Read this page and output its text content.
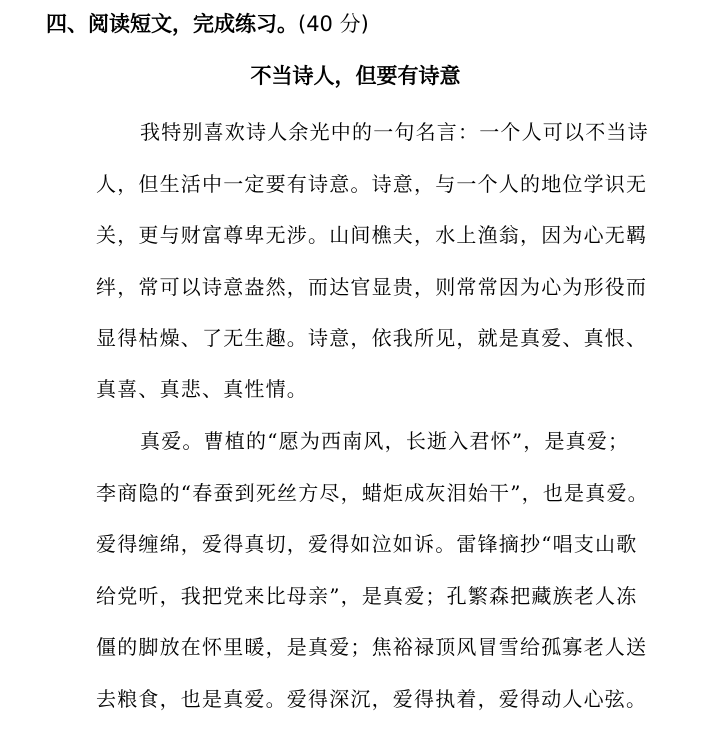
四、阅读短文，完成练习。(40 分)
不当诗人，但要有诗意
我特别喜欢诗人余光中的一句名言：一个人可以不当诗
人，但生活中一定要有诗意。诗意，与一个人的地位学识无
关，更与财富尊卑无涉。山间樵夫，水上渔翁，因为心无羁
绊，常可以诗意盎然，而达官显贵，则常常因为心为形役而
显得枯燥、了无生趣。诗意，依我所见，就是真爱、真恨、
真喜、真悲、真性情。
真爱。曹植的“愿为西南风，长逝入君怀”，是真爱；
李商隐的“春蚕到死丝方尽，蜡炬成灰泪始干”，也是真爱。
爱得缠绵，爱得真切，爱得如泣如诉。雷锋摘抄“唱支山歌
给党听，我把党来比母亲”，是真爱；孔繁森把藏族老人冻
僵的脚放在怀里暖，是真爱；焦裕禄顶风冒雪给孤寡老人送
去粮食，也是真爱。爱得深沉，爱得执着，爱得动人心弦。
